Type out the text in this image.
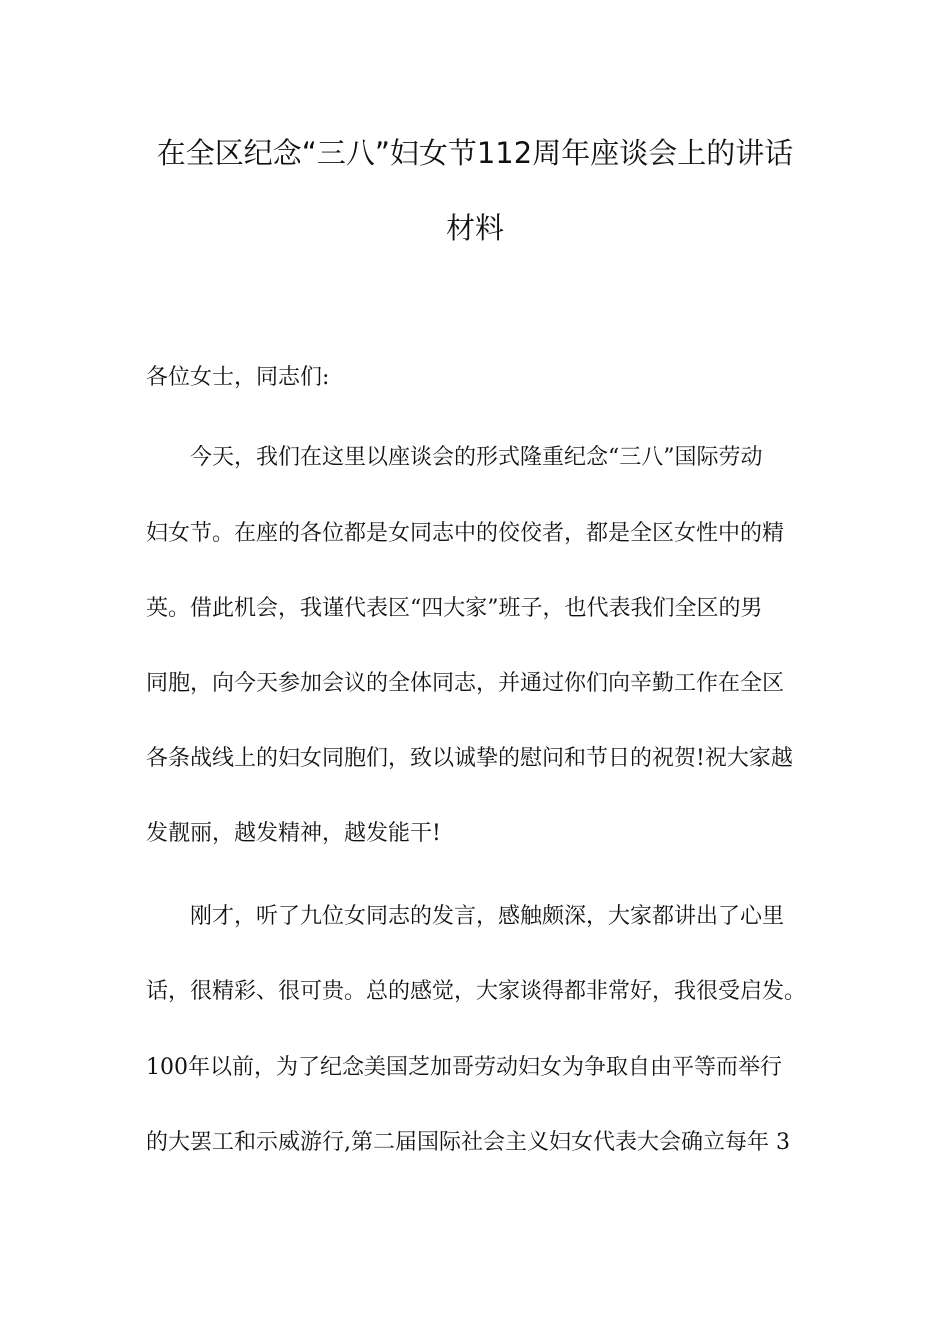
在全区纪念“三八”妇女节112周年座谈会上的讲话
材料
各位女士，同志们:
今天，我们在这里以座谈会的形式隆重纪念“三八”国际劳动
妇女节。在座的各位都是女同志中的佼佼者，都是全区女性中的精
英。借此机会，我谨代表区“四大家”班子，也代表我们全区的男
同胞，向今天参加会议的全体同志，并通过你们向辛勤工作在全区
各条战线上的妇女同胞们，致以诚挚的慰问和节日的祝贺!祝大家越
发靓丽，越发精神，越发能干!
刚才，听了九位女同志的发言，感触颇深，大家都讲出了心里
话，很精彩、很可贵。总的感觉，大家谈得都非常好，我很受启发。
100年以前，为了纪念美国芝加哥劳动妇女为争取自由平等而举行
的大罢工和示威游行,第二届国际社会主义妇女代表大会确立每年 3
